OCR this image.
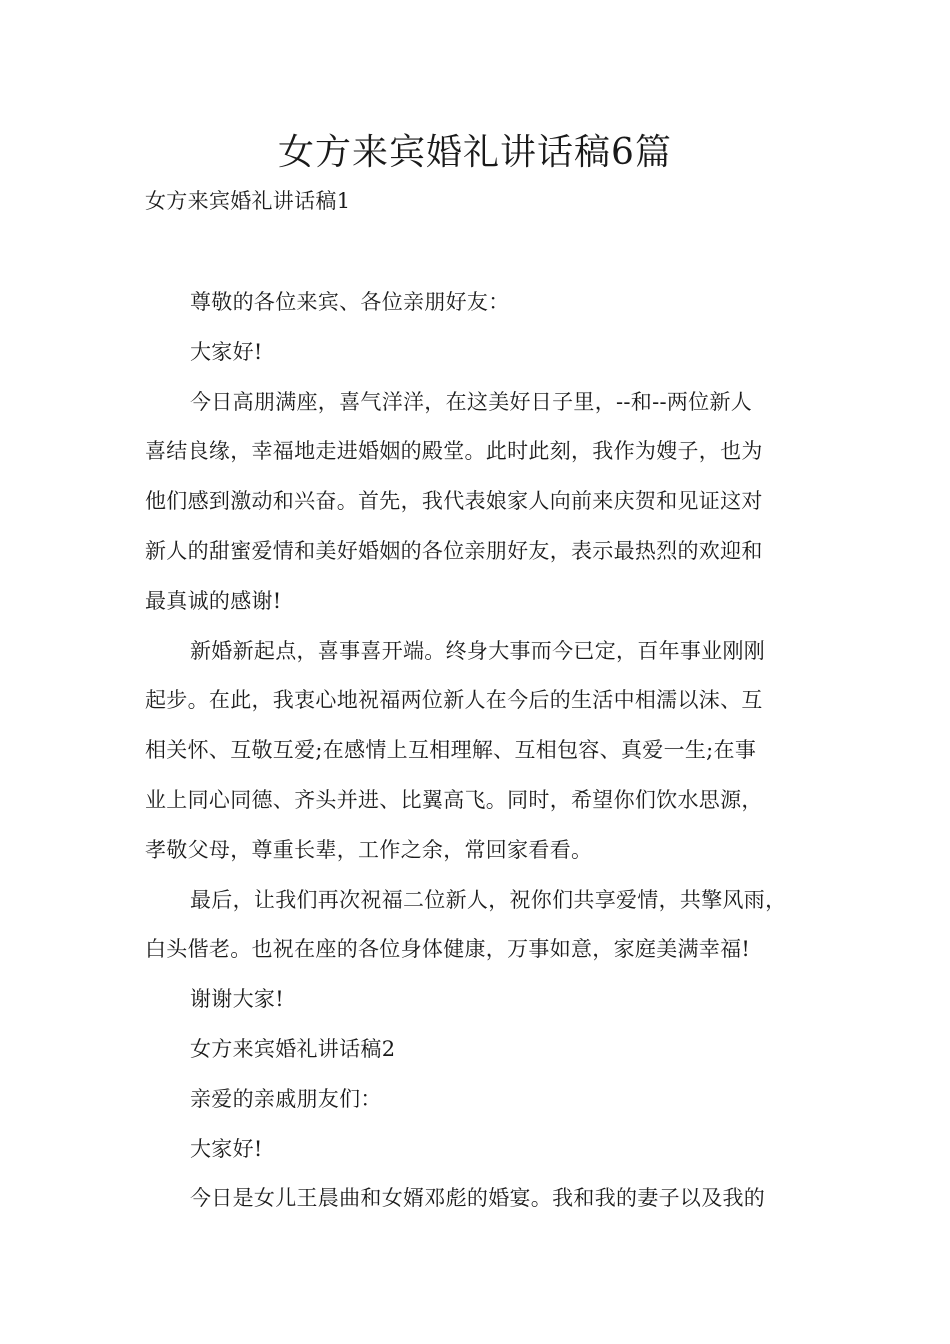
女方来宾婚礼讲话稿6篇
女方来宾婚礼讲话稿1
尊敬的各位来宾、各位亲朋好友：
大家好!
今日高朋满座，喜气洋洋，在这美好日子里，--和--两位新人
喜结良缘，幸福地走进婚姻的殿堂。此时此刻，我作为嫂子，也为
他们感到激动和兴奋。首先，我代表娘家人向前来庆贺和见证这对
新人的甜蜜爱情和美好婚姻的各位亲朋好友，表示最热烈的欢迎和
最真诚的感谢!
新婚新起点，喜事喜开端。终身大事而今已定，百年事业刚刚
起步。在此，我衷心地祝福两位新人在今后的生活中相濡以沫、互
相关怀、互敬互爱;在感情上互相理解、互相包容、真爱一生;在事
业上同心同德、齐头并进、比翼高飞。同时，希望你们饮水思源，
孝敬父母，尊重长辈，工作之余，常回家看看。
最后，让我们再次祝福二位新人，祝你们共享爱情，共擎风雨，
白头偕老。也祝在座的各位身体健康，万事如意，家庭美满幸福!
谢谢大家!
女方来宾婚礼讲话稿2
亲爱的亲戚朋友们：
大家好!
今日是女儿王晨曲和女婿邓彪的婚宴。我和我的妻子以及我的
